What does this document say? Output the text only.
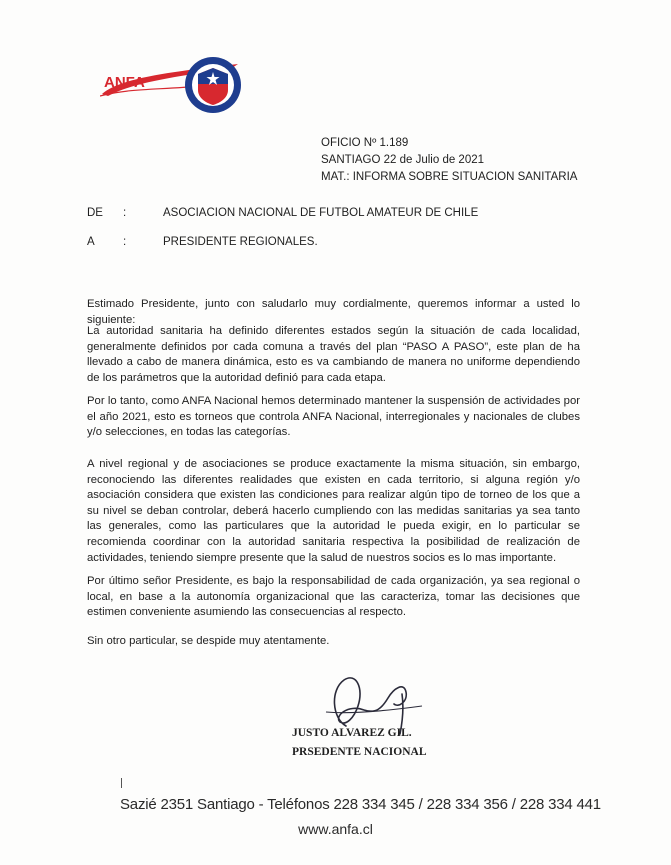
ANFA
OFICIO Nº 1.189
SANTIAGO 22 de Julio de 2021
MAT.: INFORMA SOBRE SITUACION SANITARIA
DE :	ASOCIACION NACIONAL DE FUTBOL AMATEUR DE CHILE
A :	PRESIDENTE REGIONALES.
Estimado Presidente, junto con saludarlo muy cordialmente, queremos informar a usted lo siguiente:
La autoridad sanitaria ha definido diferentes estados según la situación de cada localidad, generalmente definidos por cada comuna a través del plan “PASO A PASO”, este plan de ha llevado a cabo de manera dinámica, esto es va cambiando de manera no uniforme dependiendo de los parámetros que la autoridad definió para cada etapa.
Por lo tanto, como ANFA Nacional hemos determinado mantener la suspensión de actividades por el año 2021, esto es torneos que controla ANFA Nacional, interregionales y nacionales de clubes y/o selecciones, en todas las categorías.
A nivel regional y de asociaciones se produce exactamente la misma situación, sin embargo, reconociendo las diferentes realidades que existen en cada territorio, si alguna región y/o asociación considera que existen las condiciones para realizar algún tipo de torneo de los que a su nivel se deban controlar, deberá hacerlo cumpliendo con las medidas sanitarias ya sea tanto las generales, como las particulares que la autoridad le pueda exigir, en lo particular se recomienda coordinar con la autoridad sanitaria respectiva la posibilidad de realización de actividades, teniendo siempre presente que la salud de nuestros socios es lo mas importante.
Por último señor Presidente, es bajo la responsabilidad de cada organización, ya sea regional o local, en base a la autonomía organizacional que las caracteriza, tomar las decisiones que estimen conveniente asumiendo las consecuencias al respecto.
Sin otro particular, se despide muy atentamente.
JUSTO ALVAREZ GIL.
PRSEDENTE NACIONAL
Sazié 2351 Santiago - Teléfonos 228 334 345 / 228 334 356 / 228 334 441
www.anfa.cl
